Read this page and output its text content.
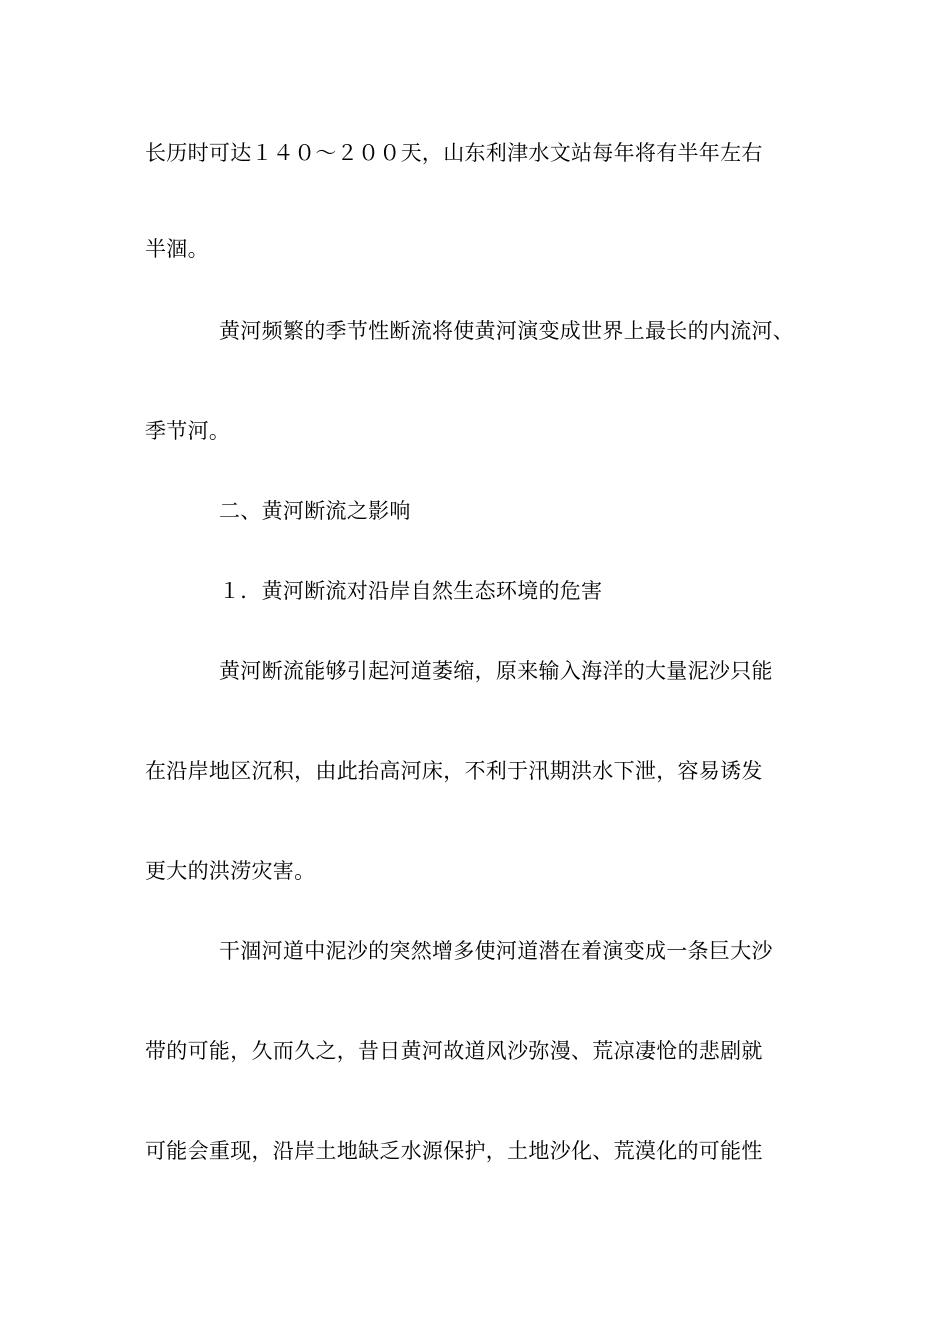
长历时可达１４０～２００天，山东利津水文站每年将有半年左右
半涸。
黄河频繁的季节性断流将使黄河演变成世界上最长的内流河、
季节河。
二、黄河断流之影响
１．黄河断流对沿岸自然生态环境的危害
黄河断流能够引起河道萎缩，原来输入海洋的大量泥沙只能
在沿岸地区沉积，由此抬高河床，不利于汛期洪水下泄，容易诱发
更大的洪涝灾害。
干涸河道中泥沙的突然增多使河道潜在着演变成一条巨大沙
带的可能，久而久之，昔日黄河故道风沙弥漫、荒凉凄怆的悲剧就
可能会重现，沿岸土地缺乏水源保护，土地沙化、荒漠化的可能性
